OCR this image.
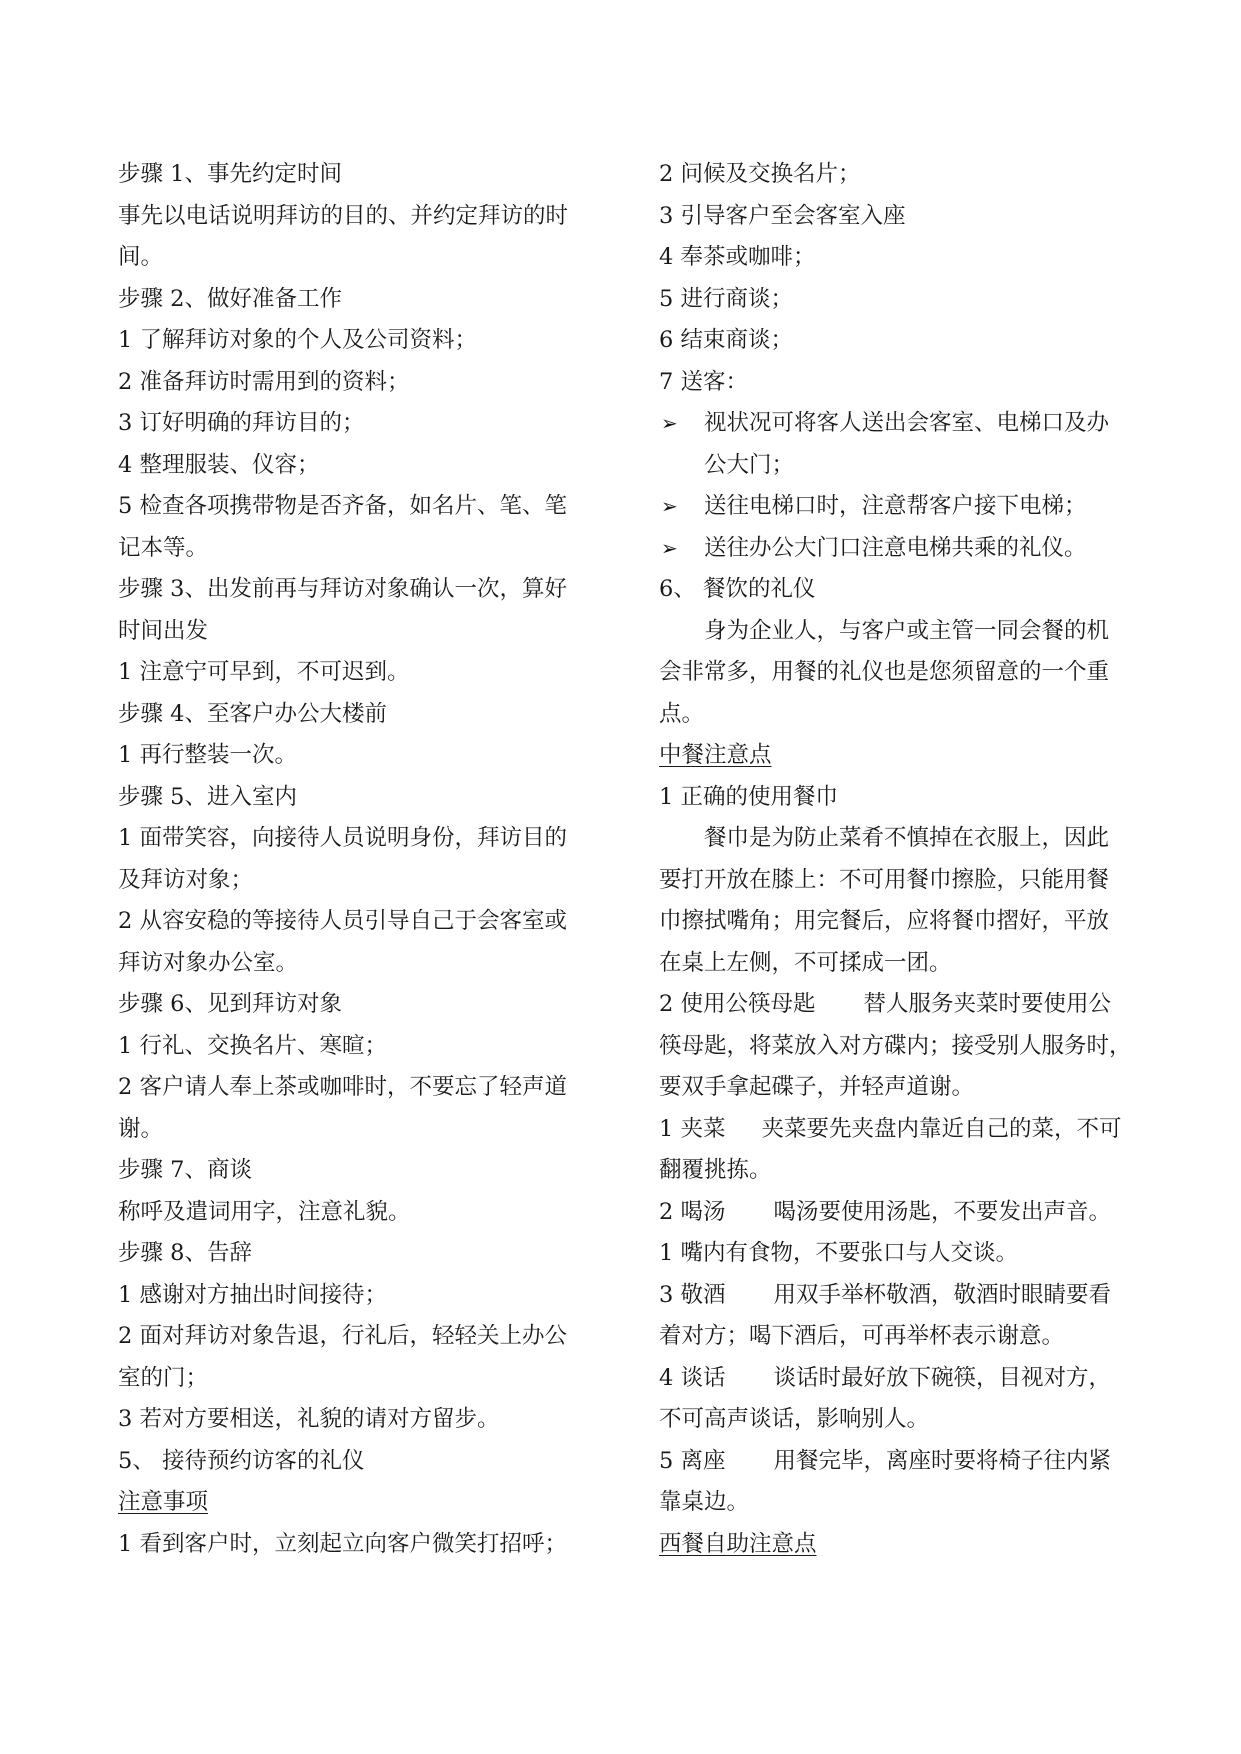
步骤 1、事先约定时间
事先以电话说明拜访的目的、并约定拜访的时
间。
步骤 2、做好准备工作
1 了解拜访对象的个人及公司资料；
2 准备拜访时需用到的资料；
3 订好明确的拜访目的；
4 整理服装、仪容；
5 检查各项携带物是否齐备，如名片、笔、笔
记本等。
步骤 3、出发前再与拜访对象确认一次，算好
时间出发
1 注意宁可早到，不可迟到。
步骤 4、至客户办公大楼前
1 再行整装一次。
步骤 5、进入室内
1 面带笑容，向接待人员说明身份，拜访目的
及拜访对象；
2 从容安稳的等接待人员引导自己于会客室或
拜访对象办公室。
步骤 6、见到拜访对象
1 行礼、交换名片、寒暄；
2 客户请人奉上茶或咖啡时，不要忘了轻声道
谢。
步骤 7、商谈
称呼及遣词用字，注意礼貌。
步骤 8、告辞
1 感谢对方抽出时间接待；
2 面对拜访对象告退，行礼后，轻轻关上办公
室的门；
3 若对方要相送，礼貌的请对方留步。
5、 接待预约访客的礼仪
注意事项
1 看到客户时，立刻起立向客户微笑打招呼；
2 问候及交换名片；
3 引导客户至会客室入座
4 奉茶或咖啡；
5 进行商谈；
6 结束商谈；
7 送客：
➢	视状况可将客人送出会客室、电梯口及办
公大门；
➢	送往电梯口时，注意帮客户接下电梯；
➢	送往办公大门口注意电梯共乘的礼仪。
6、 餐饮的礼仪
身为企业人，与客户或主管一同会餐的机
会非常多，用餐的礼仪也是您须留意的一个重
点。
中餐注意点
1 正确的使用餐巾
餐巾是为防止菜肴不慎掉在衣服上，因此
要打开放在膝上：不可用餐巾擦脸，只能用餐
巾擦拭嘴角；用完餐后，应将餐巾摺好，平放
在桌上左侧，不可揉成一团。
2 使用公筷母匙 替人服务夹菜时要使用公
筷母匙，将菜放入对方碟内；接受别人服务时，
要双手拿起碟子，并轻声道谢。
1 夹菜 夹菜要先夹盘内靠近自己的菜，不可
翻覆挑拣。
2 喝汤 喝汤要使用汤匙，不要发出声音。
1 嘴内有食物，不要张口与人交谈。
3 敬酒 用双手举杯敬酒，敬酒时眼睛要看
着对方；喝下酒后，可再举杯表示谢意。
4 谈话 谈话时最好放下碗筷，目视对方，
不可高声谈话，影响别人。
5 离座 用餐完毕，离座时要将椅子往内紧
靠桌边。
西餐自助注意点
